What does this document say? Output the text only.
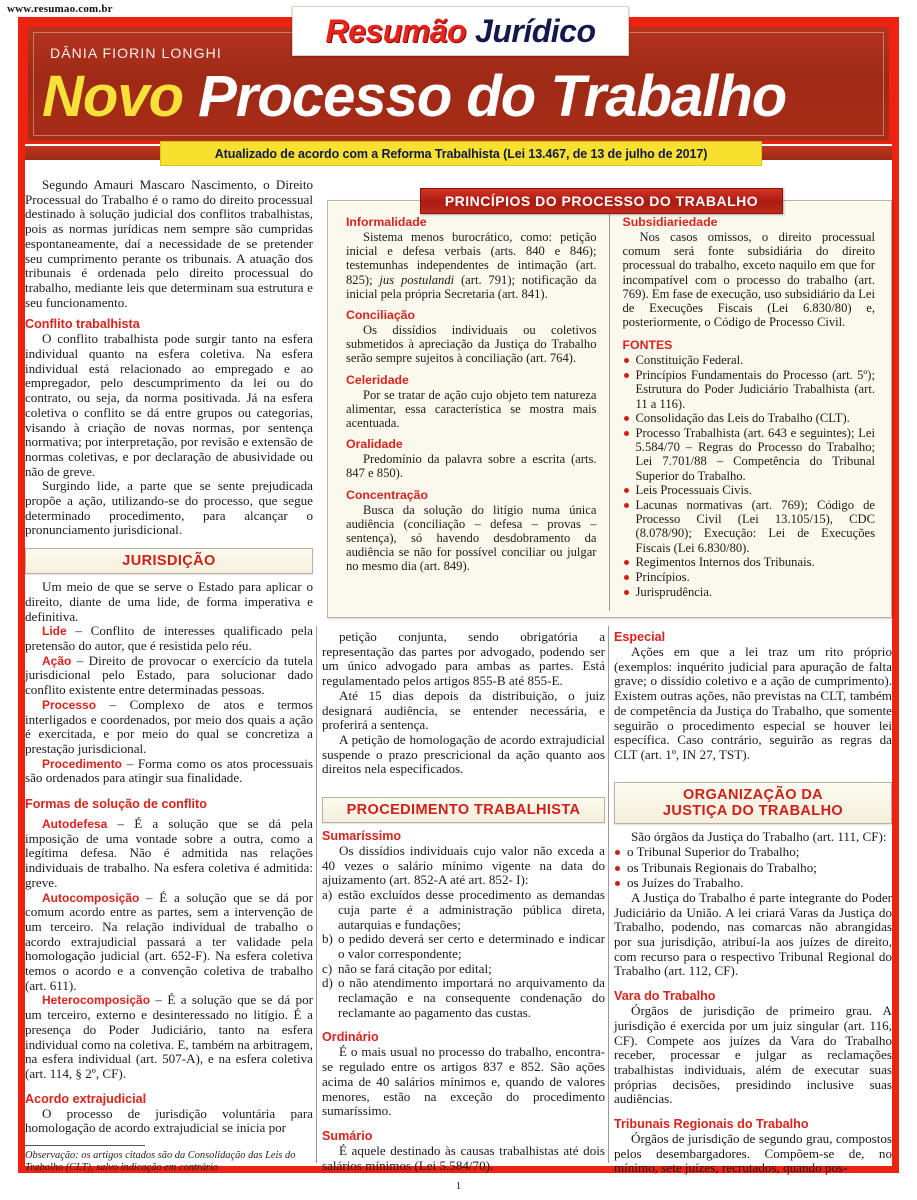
www.resumao.com.br
DÂNIA FIORIN LONGHI
Novo Processo do Trabalho
Resumão Jurídico
Atualizado de acordo com a Reforma Trabalhista (Lei 13.467, de 13 de julho de 2017)
PRINCÍPIOS DO PROCESSO DO TRABALHO
Informalidade

Sistema menos burocrático, como: petição inicial e defesa verbais (arts. 840 e 846); testemunhas independentes de intimação (art. 825); jus postulandi (art. 791); notificação da inicial pela própria Secretaria (art. 841).

Conciliação

Os dissídios individuais ou coletivos submetidos à apreciação da Justiça do Trabalho serão sempre sujeitos à conciliação (art. 764).

Celeridade

Por se tratar de ação cujo objeto tem natureza alimentar, essa característica se mostra mais acentuada.

Oralidade

Predomínio da palavra sobre a escrita (arts. 847 e 850).

Concentração

Busca da solução do litígio numa única audiência (conciliação – defesa – provas – sentença), só havendo desdobramento da audiência se não for possível conciliar ou julgar no mesmo dia (art. 849).

Subsidiariedade

Nos casos omissos, o direito processual comum será fonte subsidiária do direito processual do trabalho, exceto naquilo em que for incompatível com o processo do trabalho (art. 769). Em fase de execução, uso subsidiário da Lei de Execuções Fiscais (Lei 6.830/80) e, posteriormente, o Código de Processo Civil.

FONTES
Constituição Federal.
Princípios Fundamentais do Processo (art. 5º); Estrutura do Poder Judiciário Trabalhista (art. 11 a 116).
Consolidação das Leis do Trabalho (CLT).
Processo Trabalhista (art. 643 e seguintes); Lei 5.584/70 – Regras do Processo do Trabalho; Lei 7.701/88 – Competência do Tribunal Superior do Trabalho.
Leis Processuais Civis.
Lacunas normativas (art. 769); Código de Processo Civil (Lei 13.105/15), CDC (8.078/90); Execução: Lei de Execuções Fiscais (Lei 6.830/80).
Regimentos Internos dos Tribunais.
Princípios.
Jurisprudência.

Segundo Amauri Mascaro Nascimento, o Direito Processual do Trabalho é o ramo do direito processual destinado à solução judicial dos conflitos trabalhistas, pois as normas jurídicas nem sempre são cumpridas espontaneamente, daí a necessidade de se pretender seu cumprimento perante os tribunais. A atuação dos tribunais é ordenada pelo direito processual do trabalho, mediante leis que determinam sua estrutura e seu funcionamento.

Conflito trabalhista

O conflito trabalhista pode surgir tanto na esfera individual quanto na esfera coletiva. Na esfera individual está relacionado ao empregado e ao empregador, pelo descumprimento da lei ou do contrato, ou seja, da norma positivada. Já na esfera coletiva o conflito se dá entre grupos ou categorias, visando à criação de novas normas, por sentença normativa; por interpretação, por revisão e extensão de normas coletivas, e por declaração de abusividade ou não de greve.

Surgindo lide, a parte que se sente prejudicada propõe a ação, utilizando-se do processo, que segue determinado procedimento, para alcançar o pronunciamento jurisdicional.

JURISDIÇÃO

Um meio de que se serve o Estado para aplicar o direito, diante de uma lide, de forma imperativa e definitiva.

Lide – Conflito de interesses qualificado pela pretensão do autor, que é resistida pelo réu.

Ação – Direito de provocar o exercício da tutela jurisdicional pelo Estado, para solucionar dado conflito existente entre determinadas pessoas.

Processo – Complexo de atos e termos interligados e coordenados, por meio dos quais a ação é exercitada, e por meio do qual se concretiza a prestação jurisdicional.

Procedimento – Forma como os atos processuais são ordenados para atingir sua finalidade.

Formas de solução de conflito

Autodefesa – É a solução que se dá pela imposição de uma vontade sobre a outra, como a legítima defesa. Não é admitida nas relações individuais de trabalho. Na esfera coletiva é admitida: greve.

Autocomposição – É a solução que se dá por comum acordo entre as partes, sem a intervenção de um terceiro. Na relação individual de trabalho o acordo extrajudicial passará a ter validade pela homologação judicial (art. 652-F). Na esfera coletiva temos o acordo e a convenção coletiva de trabalho (art. 611).

Heterocomposição – É a solução que se dá por um terceiro, externo e desinteressado no litígio. É a presença do Poder Judiciário, tanto na esfera individual como na coletiva. E, também na arbitragem, na esfera individual (art. 507-A), e na esfera coletiva (art. 114, § 2º, CF).

Acordo extrajudicial

O processo de jurisdição voluntária para homologação de acordo extrajudicial se inicia por

Observação: os artigos citados são da Consolidação das Leis do Trabalho (CLT), salvo indicação em contrário

petição conjunta, sendo obrigatória a representação das partes por advogado, podendo ser um único advogado para ambas as partes. Está regulamentado pelos artigos 855-B até 855-E.

Até 15 dias depois da distribuição, o juiz designará audiência, se entender necessária, e proferirá a sentença.

A petição de homologação de acordo extrajudicial suspende o prazo prescricional da ação quanto aos direitos nela especificados.

PROCEDIMENTO TRABALHISTA
Sumaríssimo

Os dissídios individuais cujo valor não exceda a 40 vezes o salário mínimo vigente na data do ajuizamento (art. 852-A até art. 852- I):

estão excluídos desse procedimento as demandas cuja parte é a administração pública direta, autarquias e fundações;
o pedido deverá ser certo e determinado e indicar o valor correspondente;
não se fará citação por edital;
o não atendimento importará no arquivamento da reclamação e na consequente condenação do reclamante ao pagamento das custas.
Ordinário

É o mais usual no processo do trabalho, encontra-se regulado entre os artigos 837 e 852. São ações acima de 40 salários mínimos e, quando de valores menores, estão na exceção do procedimento sumaríssimo.

Sumário

É aquele destinado às causas trabalhistas até dois salários mínimos (Lei 5.584/70).

Especial

Ações em que a lei traz um rito próprio (exemplos: inquérito judicial para apuração de falta grave; o dissídio coletivo e a ação de cumprimento). Existem outras ações, não previstas na CLT, também de competência da Justiça do Trabalho, que somente seguirão o procedimento especial se houver lei específica. Caso contrário, seguirão as regras da CLT (art. 1º, IN 27, TST).

ORGANIZAÇÃO DA
JUSTIÇA DO TRABALHO

São órgãos da Justiça do Trabalho (art. 111, CF):

o Tribunal Superior do Trabalho;
os Tribunais Regionais do Trabalho;
os Juízes do Trabalho.

A Justiça do Trabalho é parte integrante do Poder Judiciário da União. A lei criará Varas da Justiça do Trabalho, podendo, nas comarcas não abrangidas por sua jurisdição, atribuí-la aos juízes de direito, com recurso para o respectivo Tribunal Regional do Trabalho (art. 112, CF).

Vara do Trabalho

Órgãos de jurisdição de primeiro grau. A jurisdição é exercida por um juiz singular (art. 116, CF). Compete aos juízes da Vara do Trabalho receber, processar e julgar as reclamações trabalhistas individuais, além de executar suas próprias decisões, presidindo inclusive suas audiências.

Tribunais Regionais do Trabalho

Órgãos de jurisdição de segundo grau, compostos pelos desembargadores. Compõem-se de, no mínimo, sete juízes, recrutados, quando pos-

1
